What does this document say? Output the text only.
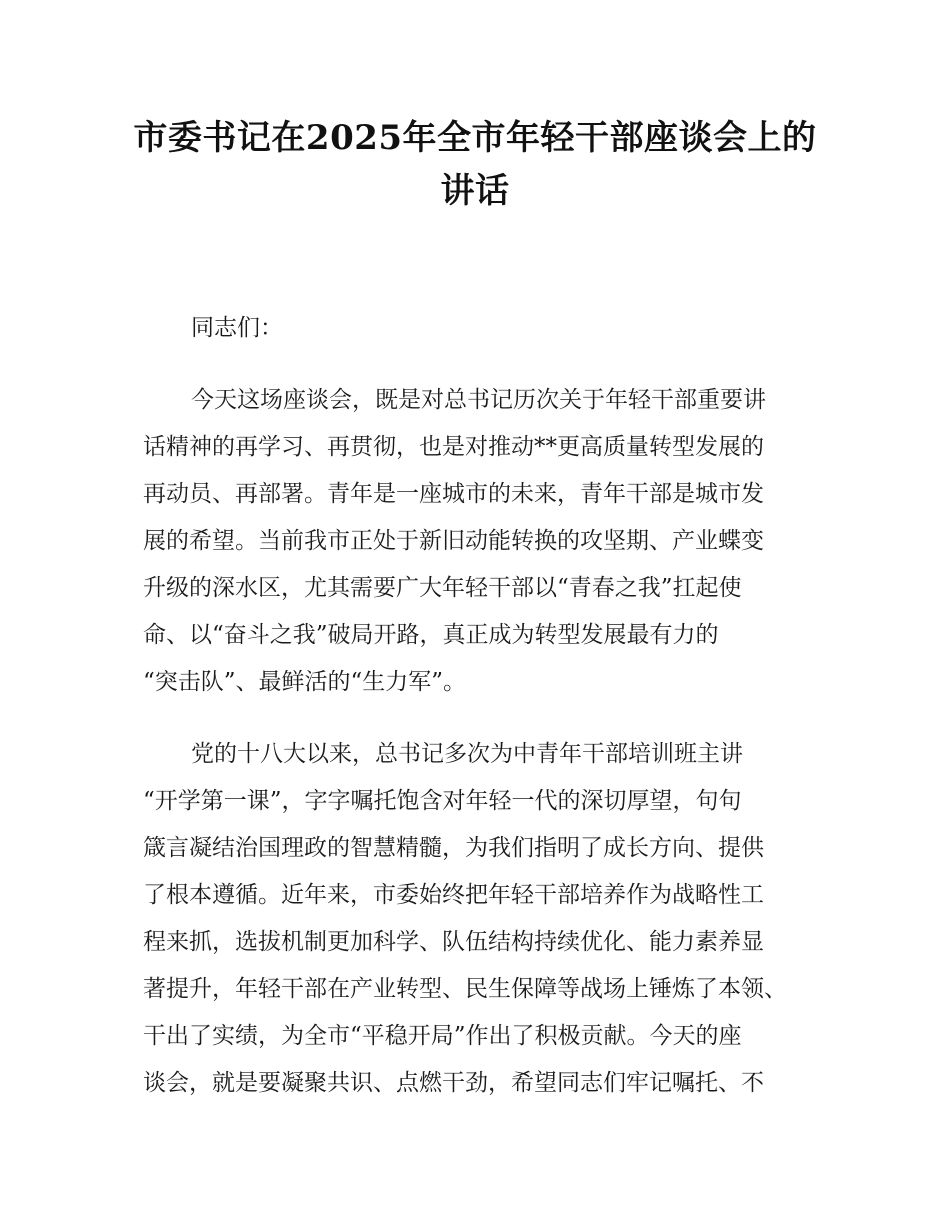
市委书记在2025年全市年轻干部座谈会上的
讲话

同志们：

今天这场座谈会，既是对总书记历次关于年轻干部重要讲
话精神的再学习、再贯彻，也是对推动**更高质量转型发展的
再动员、再部署。青年是一座城市的未来，青年干部是城市发
展的希望。当前我市正处于新旧动能转换的攻坚期、产业蝶变
升级的深水区，尤其需要广大年轻干部以“青春之我”扛起使
命、以“奋斗之我”破局开路，真正成为转型发展最有力的
“突击队”、最鲜活的“生力军”。

党的十八大以来，总书记多次为中青年干部培训班主讲
“开学第一课”，字字嘱托饱含对年轻一代的深切厚望，句句
箴言凝结治国理政的智慧精髓，为我们指明了成长方向、提供
了根本遵循。近年来，市委始终把年轻干部培养作为战略性工
程来抓，选拔机制更加科学、队伍结构持续优化、能力素养显
著提升，年轻干部在产业转型、民生保障等战场上锤炼了本领、
干出了实绩，为全市“平稳开局”作出了积极贡献。今天的座
谈会，就是要凝聚共识、点燃干劲，希望同志们牢记嘱托、不
